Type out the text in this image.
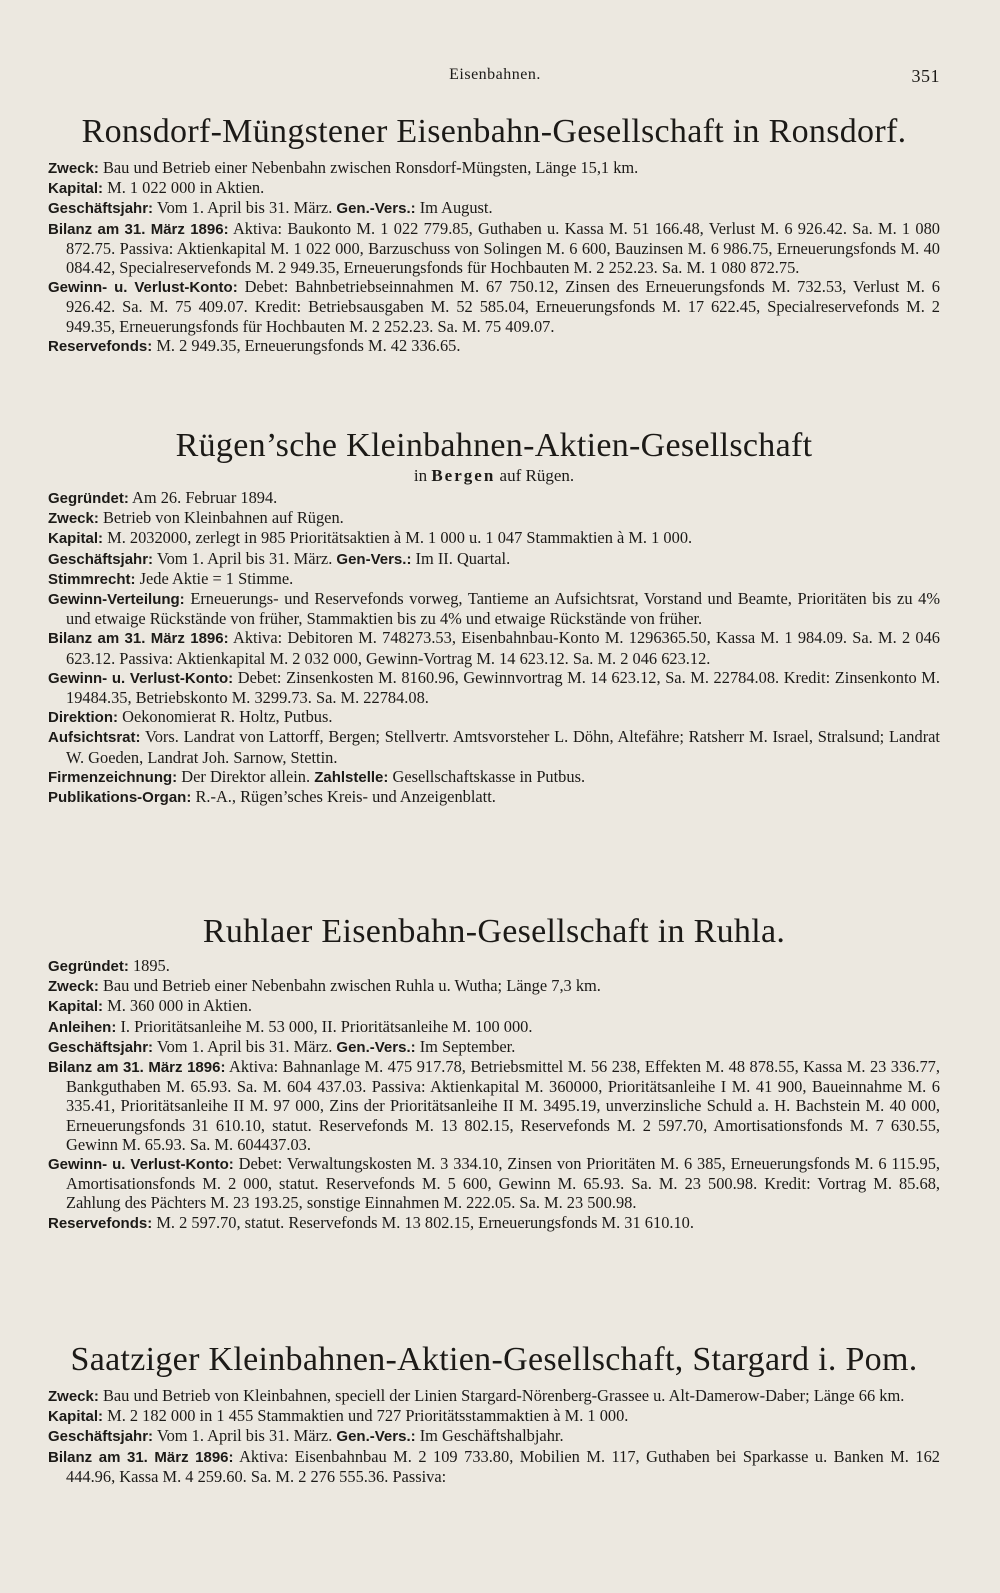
Eisenbahnen.	351
Ronsdorf-Müngstener Eisenbahn-Gesellschaft in Ronsdorf.

Zweck: Bau und Betrieb einer Nebenbahn zwischen Ronsdorf-Müngsten, Länge 15,1 km.

Kapital: M. 1 022 000 in Aktien.

Geschäftsjahr: Vom 1. April bis 31. März. Gen.-Vers.: Im August.

Bilanz am 31. März 1896: Aktiva: Baukonto M. 1 022 779.85, Guthaben u. Kassa M. 51 166.48, Verlust M. 6 926.42. Sa. M. 1 080 872.75. Passiva: Aktienkapital M. 1 022 000, Barzuschuss von Solingen M. 6 600, Bauzinsen M. 6 986.75, Erneuerungsfonds M. 40 084.42, Specialreservefonds M. 2 949.35, Erneuerungsfonds für Hochbauten M. 2 252.23. Sa. M. 1 080 872.75.

Gewinn- u. Verlust-Konto: Debet: Bahnbetriebseinnahmen M. 67 750.12, Zinsen des Erneuerungsfonds M. 732.53, Verlust M. 6 926.42. Sa. M. 75 409.07. Kredit: Betriebsausgaben M. 52 585.04, Erneuerungsfonds M. 17 622.45, Specialreservefonds M. 2 949.35, Erneuerungsfonds für Hochbauten M. 2 252.23. Sa. M. 75 409.07.

Reservefonds: M. 2 949.35, Erneuerungsfonds M. 42 336.65.

Rügen’sche Kleinbahnen-Aktien-Gesellschaft
in Bergen auf Rügen.

Gegründet: Am 26. Februar 1894.

Zweck: Betrieb von Kleinbahnen auf Rügen.

Kapital: M. 2032000, zerlegt in 985 Prioritätsaktien à M. 1 000 u. 1 047 Stammaktien à M. 1 000.

Geschäftsjahr: Vom 1. April bis 31. März. Gen-Vers.: Im II. Quartal.

Stimmrecht: Jede Aktie = 1 Stimme.

Gewinn-Verteilung: Erneuerungs- und Reservefonds vorweg, Tantieme an Aufsichtsrat, Vorstand und Beamte, Prioritäten bis zu 4% und etwaige Rückstände von früher, Stammaktien bis zu 4% und etwaige Rückstände von früher.

Bilanz am 31. März 1896: Aktiva: Debitoren M. 748273.53, Eisenbahnbau-Konto M. 1296365.50, Kassa M. 1 984.09. Sa. M. 2 046 623.12. Passiva: Aktienkapital M. 2 032 000, Gewinn-Vortrag M. 14 623.12. Sa. M. 2 046 623.12.

Gewinn- u. Verlust-Konto: Debet: Zinsenkosten M. 8160.96, Gewinnvortrag M. 14 623.12, Sa. M. 22784.08. Kredit: Zinsenkonto M. 19484.35, Betriebskonto M. 3299.73. Sa. M. 22784.08.

Direktion: Oekonomierat R. Holtz, Putbus.

Aufsichtsrat: Vors. Landrat von Lattorff, Bergen; Stellvertr. Amtsvorsteher L. Döhn, Altefähre; Ratsherr M. Israel, Stralsund; Landrat W. Goeden, Landrat Joh. Sarnow, Stettin.

Firmenzeichnung: Der Direktor allein. Zahlstelle: Gesellschaftskasse in Putbus.

Publikations-Organ: R.-A., Rügen’sches Kreis- und Anzeigenblatt.

Ruhlaer Eisenbahn-Gesellschaft in Ruhla.

Gegründet: 1895.

Zweck: Bau und Betrieb einer Nebenbahn zwischen Ruhla u. Wutha; Länge 7,3 km.

Kapital: M. 360 000 in Aktien.

Anleihen: I. Prioritätsanleihe M. 53 000, II. Prioritätsanleihe M. 100 000.

Geschäftsjahr: Vom 1. April bis 31. März. Gen.-Vers.: Im September.

Bilanz am 31. März 1896: Aktiva: Bahnanlage M. 475 917.78, Betriebsmittel M. 56 238, Effekten M. 48 878.55, Kassa M. 23 336.77, Bankguthaben M. 65.93. Sa. M. 604 437.03. Passiva: Aktienkapital M. 360000, Prioritätsanleihe I M. 41 900, Baueinnahme M. 6 335.41, Prioritätsanleihe II M. 97 000, Zins der Prioritätsanleihe II M. 3495.19, unverzinsliche Schuld a. H. Bachstein M. 40 000, Erneuerungsfonds 31 610.10, statut. Reservefonds M. 13 802.15, Reservefonds M. 2 597.70, Amortisationsfonds M. 7 630.55, Gewinn M. 65.93. Sa. M. 604437.03.

Gewinn- u. Verlust-Konto: Debet: Verwaltungskosten M. 3 334.10, Zinsen von Prioritäten M. 6 385, Erneuerungsfonds M. 6 115.95, Amortisationsfonds M. 2 000, statut. Reservefonds M. 5 600, Gewinn M. 65.93. Sa. M. 23 500.98. Kredit: Vortrag M. 85.68, Zahlung des Pächters M. 23 193.25, sonstige Einnahmen M. 222.05. Sa. M. 23 500.98.

Reservefonds: M. 2 597.70, statut. Reservefonds M. 13 802.15, Erneuerungsfonds M. 31 610.10.

Saatziger Kleinbahnen-Aktien-Gesellschaft, Stargard i. Pom.

Zweck: Bau und Betrieb von Kleinbahnen, speciell der Linien Stargard-Nörenberg-Grassee u. Alt-Damerow-Daber; Länge 66 km.

Kapital: M. 2 182 000 in 1 455 Stammaktien und 727 Prioritätsstammaktien à M. 1 000.

Geschäftsjahr: Vom 1. April bis 31. März. Gen.-Vers.: Im Geschäftshalbjahr.

Bilanz am 31. März 1896: Aktiva: Eisenbahnbau M. 2 109 733.80, Mobilien M. 117, Guthaben bei Sparkasse u. Banken M. 162 444.96, Kassa M. 4 259.60. Sa. M. 2 276 555.36. Passiva:
